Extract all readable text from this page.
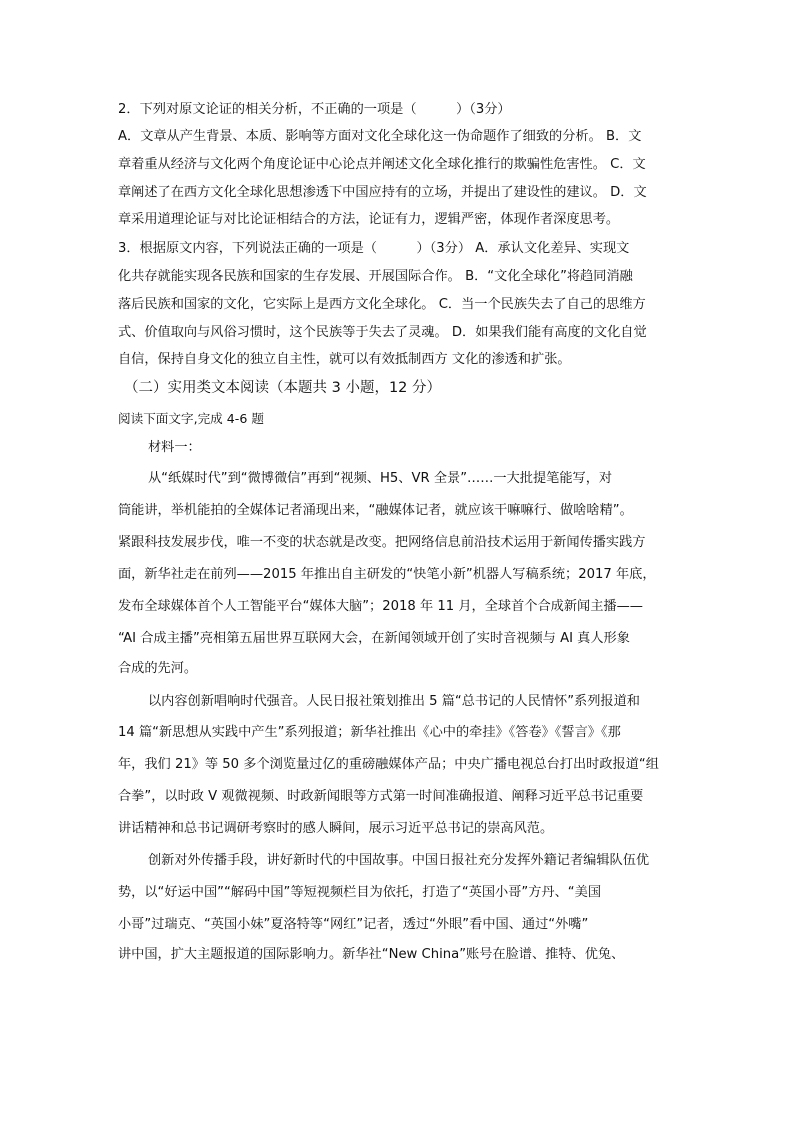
2．下列对原文论证的相关分析，不正确的一项是（　　　）（3分）
A．文章从产生背景、本质、影响等方面对文化全球化这一伪命题作了细致的分析。 B．文
章着重从经济与文化两个角度论证中心论点并阐述文化全球化推行的欺骗性危害性。 C．文
章阐述了在西方文化全球化思想渗透下中国应持有的立场，并提出了建设性的建议。 D．文
章采用道理论证与对比论证相结合的方法，论证有力，逻辑严密，体现作者深度思考。
3．根据原文内容，下列说法正确的一项是（　　　）（3分） A．承认文化差异、实现文
化共存就能实现各民族和国家的生存发展、开展国际合作。 B．“文化全球化”将趋同消融
落后民族和国家的文化，它实际上是西方文化全球化。 C．当一个民族失去了自己的思维方
式、价值取向与风俗习惯时，这个民族等于失去了灵魂。 D．如果我们能有高度的文化自觉
自信，保持自身文化的独立自主性，就可以有效抵制西方 文化的渗透和扩张。
（二）实用类文本阅读（本题共 3 小题，12 分）
阅读下面文字,完成 4-6 题
材料一：
从“纸媒时代”到“微博微信”再到“视频、H5、VR 全景”……一大批提笔能写，对
筒能讲，举机能拍的全媒体记者涌现出来，“融媒体记者，就应该干嘛嘛行、做啥啥精”。
紧跟科技发展步伐，唯一不变的状态就是改变。把网络信息前沿技术运用于新闻传播实践方
面，新华社走在前列——2015 年推出自主研发的“快笔小新”机器人写稿系统；2017 年底，
发布全球媒体首个人工智能平台“媒体大脑”；2018 年 11 月，全球首个合成新闻主播——
“AI 合成主播”亮相第五届世界互联网大会，在新闻领域开创了实时音视频与 AI 真人形象
合成的先河。
以内容创新唱响时代强音。人民日报社策划推出 5 篇“总书记的人民情怀”系列报道和
14 篇“新思想从实践中产生”系列报道；新华社推出《心中的牵挂》《答卷》《誓言》《那
年，我们 21》等 50 多个浏览量过亿的重磅融媒体产品；中央广播电视总台打出时政报道“组
合拳”，以时政 V 观微视频、时政新闻眼等方式第一时间准确报道、阐释习近平总书记重要
讲话精神和总书记调研考察时的感人瞬间，展示习近平总书记的崇高风范。
创新对外传播手段，讲好新时代的中国故事。中国日报社充分发挥外籍记者编辑队伍优
势，以“好运中国”“解码中国”等短视频栏目为依托，打造了“英国小哥”方丹、“美国
小哥”过瑞克、“英国小妹”夏洛特等“网红”记者，透过“外眼”看中国、通过“外嘴”
讲中国，扩大主题报道的国际影响力。新华社“New China”账号在脸谱、推特、优兔、
